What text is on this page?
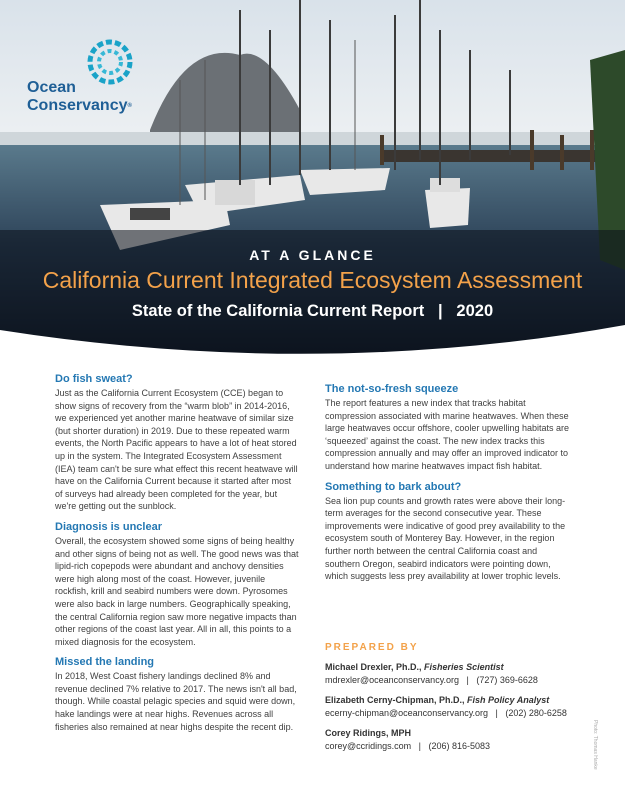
Ocean
Conservancy®
AT A GLANCE
California Current Integrated Ecosystem Assessment
State of the California Current Report   |   2020
Do fish sweat?

Just as the California Current Ecosystem (CCE) began to show signs of recovery from the “warm blob” in 2014-2016, we experienced yet another marine heatwave of similar size (but shorter duration) in 2019. Due to these repeated warm events, the North Pacific appears to have a lot of heat stored up in the system. The Integrated Ecosystem Assessment (IEA) team can't be sure what effect this recent heatwave will have on the California Current because it started after most of surveys had already been completed for the year, but we're getting out the sunblock.

Diagnosis is unclear

Overall, the ecosystem showed some signs of being healthy and other signs of being not as well. The good news was that lipid-rich copepods were abundant and anchovy densities were high along most of the coast. However, juvenile rockfish, krill and seabird numbers were down. Pyrosomes were also back in large numbers. Geographically speaking, the central California region saw more negative impacts than other regions of the coast last year. All in all, this points to a mixed diagnosis for the ecosystem.

Missed the landing

In 2018, West Coast fishery landings declined 8% and revenue declined 7% relative to 2017. The news isn't all bad, though. While coastal pelagic species and squid were down, hake landings were at near highs. Revenues across all fisheries also remained at near highs despite the recent dip.

The not-so-fresh squeeze

The report features a new index that tracks habitat compression associated with marine heatwaves. When these large heatwaves occur offshore, cooler upwelling habitats are ‘squeezed’ against the coast. The new index tracks this compression annually and may offer an improved indicator to understand how marine heatwaves impact fish habitat.

Something to bark about?

Sea lion pup counts and growth rates were above their long-term averages for the second consecutive year. These improvements were indicative of good prey availability to the ecosystem south of Monterey Bay. However, in the region further north between the central California coast and southern Oregon, seabird indicators were pointing down, which suggests less prey availability at lower trophic levels.

PREPARED BY
Michael Drexler, Ph.D., Fisheries Scientist
mdrexler@oceanconservancy.org   |   (727) 369-6628
Elizabeth Cerny-Chipman, Ph.D., Fish Policy Analyst
ecerny-chipman@oceanconservancy.org   |   (202) 280-6258
Corey Ridings, MPH
corey@ccridings.com   |   (206) 816-5083	Photo: Thomas Hanke
